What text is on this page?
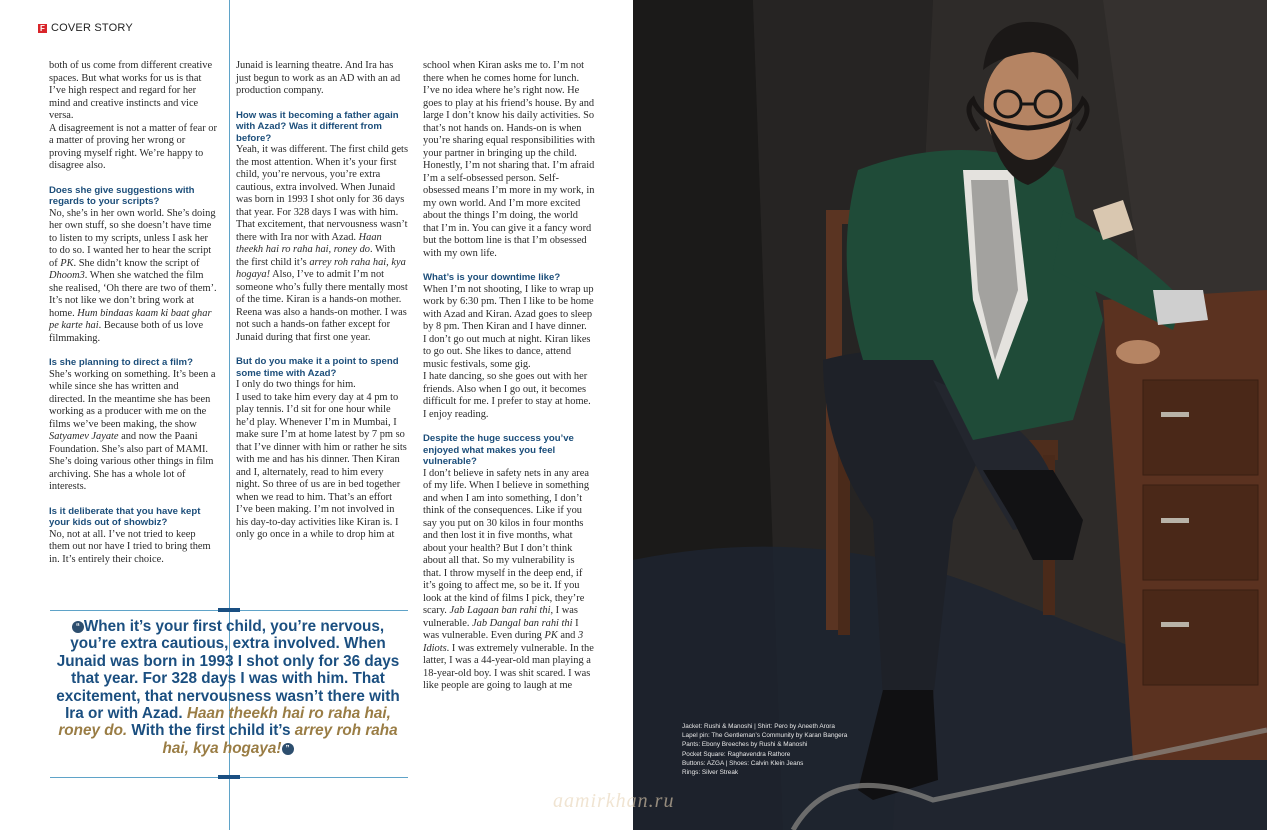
F COVER STORY

both of us come from different creative spaces. But what works for us is that I’ve high respect and regard for her mind and creative instincts and vice versa.

A disagreement is not a matter of fear or a matter of proving her wrong or proving myself right. We’re happy to disagree also.

Does she give suggestions with regards to your scripts?

No, she’s in her own world. She’s doing her own stuff, so she doesn’t have time to listen to my scripts, unless I ask her to do so. I wanted her to hear the script of PK. She didn’t know the script of Dhoom3. When she watched the film she realised, ‘Oh there are two of them’. It’s not like we don’t bring work at home. Hum bindaas kaam ki baat ghar pe karte hai. Because both of us love filmmaking.

Is she planning to direct a film?

She’s working on something. It’s been a while since she has written and directed. In the meantime she has been working as a producer with me on the films we’ve been making, the show Satyamev Jayate and now the Paani Foundation. She’s also part of MAMI. She’s doing various other things in film archiving. She has a whole lot of interests.

Is it deliberate that you have kept your kids out of showbiz?

No, not at all. I’ve not tried to keep them out nor have I tried to bring them in. It’s entirely their choice.

Junaid is learning theatre. And Ira has just begun to work as an AD with an ad production company.

How was it becoming a father again with Azad? Was it different from before?

Yeah, it was different. The first child gets the most attention. When it’s your first child, you’re nervous, you’re extra cautious, extra involved. When Junaid was born in 1993 I shot only for 36 days that year. For 328 days I was with him. That excitement, that nervousness wasn’t there with Ira nor with Azad. Haan theekh hai ro raha hai, roney do. With the first child it’s arrey roh raha hai, kya hogaya! Also, I’ve to admit I’m not someone who’s fully there mentally most of the time. Kiran is a hands-on mother. Reena was also a hands-on mother. I was not such a hands-on father except for Junaid during that first one year.

But do you make it a point to spend some time with Azad?

I only do two things for him.

I used to take him every day at 4 pm to play tennis. I’d sit for one hour while he’d play. Whenever I’m in Mumbai, I make sure I’m at home latest by 7 pm so that I’ve dinner with him or rather he sits with me and has his dinner. Then Kiran and I, alternately, read to him every night. So three of us are in bed together when we read to him. That’s an effort I’ve been making. I’m not involved in his day-to-day activities like Kiran is. I only go once in a while to drop him at

school when Kiran asks me to. I’m not there when he comes home for lunch. I’ve no idea where he’s right now. He goes to play at his friend’s house. By and large I don’t know his daily activities. So that’s not hands on. Hands-on is when you’re sharing equal responsibilities with your partner in bringing up the child. Honestly, I’m not sharing that. I’m afraid I’m a self-obsessed person. Self-obsessed means I’m more in my work, in my own world. And I’m more excited about the things I’m doing, the world that I’m in. You can give it a fancy word but the bottom line is that I’m obsessed with my own life.

What’s is your downtime like?

When I’m not shooting, I like to wrap up work by 6:30 pm. Then I like to be home with Azad and Kiran. Azad goes to sleep by 8 pm. Then Kiran and I have dinner.

I don’t go out much at night. Kiran likes to go out. She likes to dance, attend music festivals, some gig.

I hate dancing, so she goes out with her friends. Also when I go out, it becomes difficult for me. I prefer to stay at home. I enjoy reading.

Despite the huge success you’ve enjoyed what makes you feel vulnerable?

I don’t believe in safety nets in any area of my life. When I believe in something and when I am into something, I don’t think of the consequences. Like if you say you put on 30 kilos in four months and then lost it in five months, what about your health? But I don’t think about all that. So my vulnerability is that. I throw myself in the deep end, if it’s going to affect me, so be it. If you look at the kind of films I pick, they’re scary. Jab Lagaan ban rahi thi, I was vulnerable. Jab Dangal ban rahi thi I was vulnerable. Even during PK and 3 Idiots. I was extremely vulnerable. In the latter, I was a 44-year-old man playing a 18-year-old boy. I was shit scared. I was like people are going to laugh at me

“ When it’s your first child, you’re nervous, you’re extra cautious, extra involved. When Junaid was born in 1993 I shot only for 36 days that year. For 328 days I was with him. That excitement, that nervousness wasn’t there with Ira or with Azad. Haan theekh hai ro raha hai, roney do. With the first child it’s arrey roh raha hai, kya hogaya! ”
Jacket: Rushi & Manoshi | Shirt: Pero by Aneeth Arora
Lapel pin: The Gentleman’s Community by Karan Bangera
Pants: Ebony Breeches by Rushi & Manoshi
Pocket Square: Raghavendra Rathore
Buttons: AZGA | Shoes: Calvin Klein Jeans
Rings: Silver Streak
aamirkhan.ru
